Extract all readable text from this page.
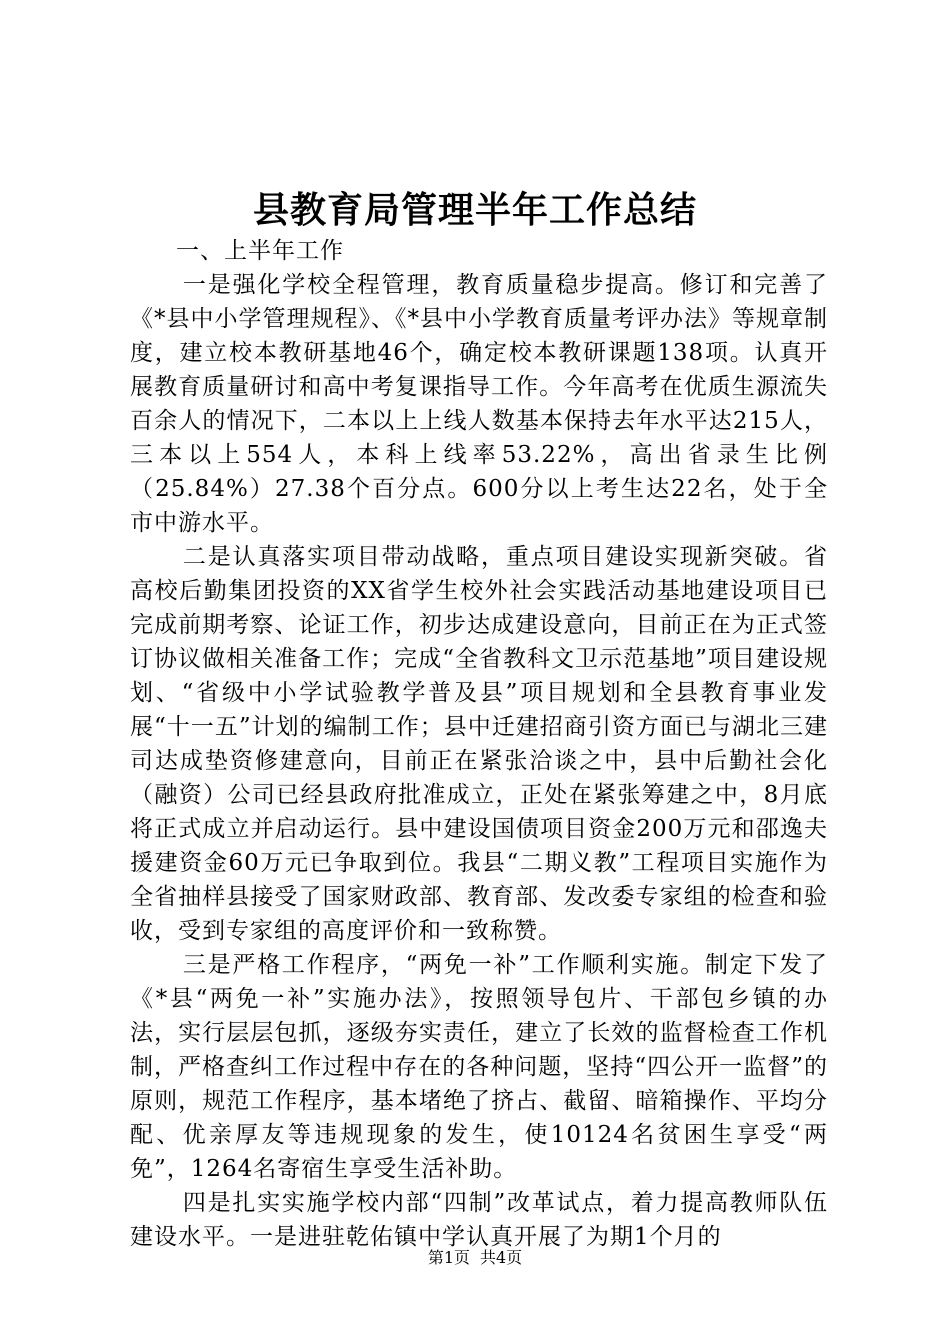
县教育局管理半年工作总结

一、上半年工作

一是强化学校全程管理，教育质量稳步提高。修订和完善了《*县中小学管理规程》、《*县中小学教育质量考评办法》等规章制度，建立校本教研基地46个，确定校本教研课题138项。认真开展教育质量研讨和高中考复课指导工作。今年高考在优质生源流失百余人的情况下，二本以上上线人数基本保持去年水平达215人，三本以上554人，本科上线率53.22%，高出省录生比例（25.84%）27.38个百分点。600分以上考生达22名，处于全市中游水平。

二是认真落实项目带动战略，重点项目建设实现新突破。省高校后勤集团投资的XX省学生校外社会实践活动基地建设项目已完成前期考察、论证工作，初步达成建设意向，目前正在为正式签订协议做相关准备工作；完成“全省教科文卫示范基地”项目建设规划、“省级中小学试验教学普及县”项目规划和全县教育事业发展“十一五”计划的编制工作；县中迁建招商引资方面已与湖北三建司达成垫资修建意向，目前正在紧张洽谈之中，县中后勤社会化（融资）公司已经县政府批准成立，正处在紧张筹建之中，8月底将正式成立并启动运行。县中建设国债项目资金200万元和邵逸夫援建资金60万元已争取到位。我县“二期义教”工程项目实施作为全省抽样县接受了国家财政部、教育部、发改委专家组的检查和验收，受到专家组的高度评价和一致称赞。

三是严格工作程序，“两免一补”工作顺利实施。制定下发了《*县“两免一补”实施办法》，按照领导包片、干部包乡镇的办法，实行层层包抓，逐级夯实责任，建立了长效的监督检查工作机制，严格查纠工作过程中存在的各种问题，坚持“四公开一监督”的原则，规范工作程序，基本堵绝了挤占、截留、暗箱操作、平均分配、优亲厚友等违规现象的发生，使10124名贫困生享受“两免”，1264名寄宿生享受生活补助。

四是扎实实施学校内部“四制”改革试点，着力提高教师队伍建设水平。一是进驻乾佑镇中学认真开展了为期1个月的

第1页 共4页
